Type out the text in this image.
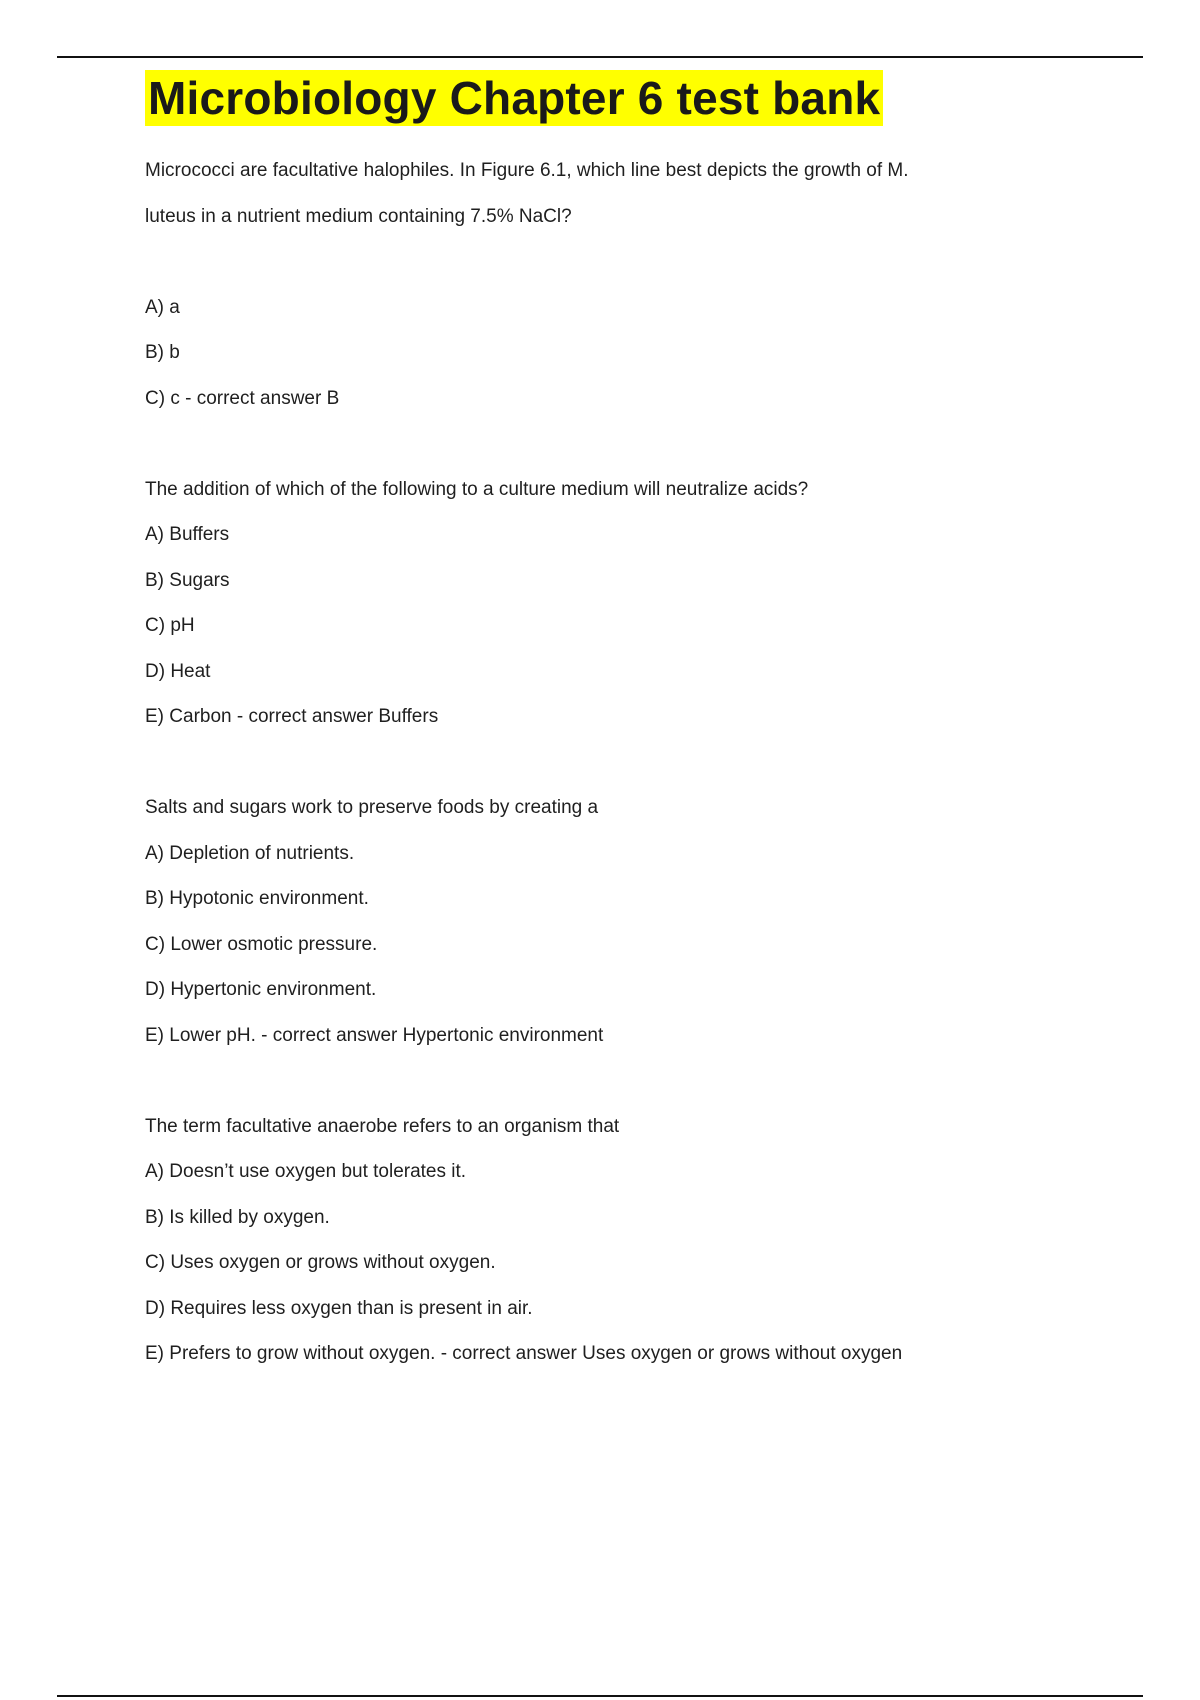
Microbiology Chapter 6 test bank

Micrococci are facultative halophiles. In Figure 6.1, which line best depicts the growth of M.

luteus in a nutrient medium containing 7.5% NaCl?

A) a

B) b

C) c - correct answer B

The addition of which of the following to a culture medium will neutralize acids?

A) Buffers

B) Sugars

C) pH

D) Heat

E) Carbon - correct answer Buffers

Salts and sugars work to preserve foods by creating a

A) Depletion of nutrients.

B) Hypotonic environment.

C) Lower osmotic pressure.

D) Hypertonic environment.

E) Lower pH. - correct answer Hypertonic environment

The term facultative anaerobe refers to an organism that

A) Doesn’t use oxygen but tolerates it.

B) Is killed by oxygen.

C) Uses oxygen or grows without oxygen.

D) Requires less oxygen than is present in air.

E) Prefers to grow without oxygen. - correct answer Uses oxygen or grows without oxygen
